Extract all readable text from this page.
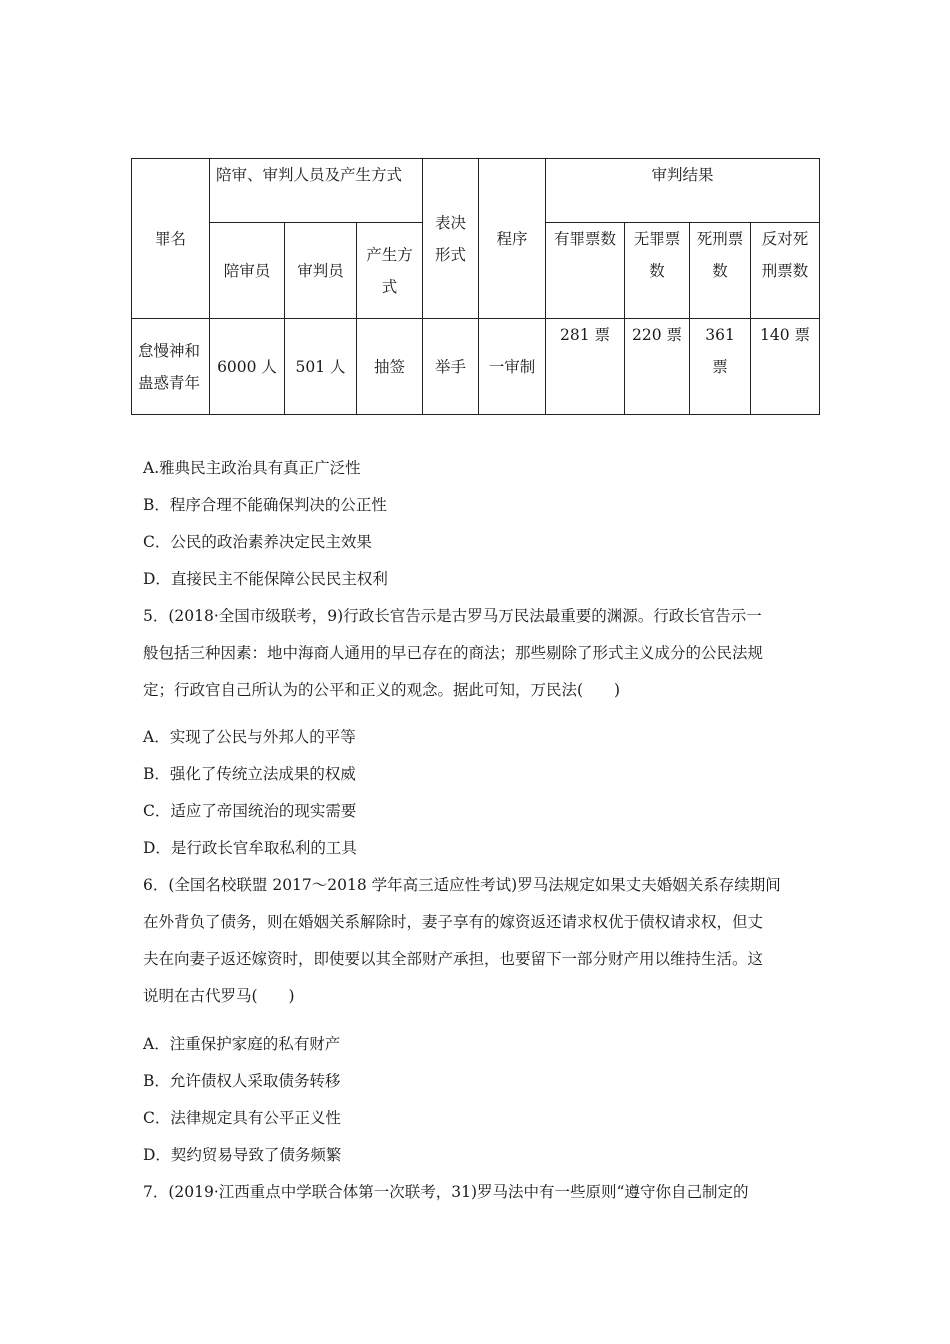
罪名	陪审、审判人员及产生方式			表决形式	程序	审判结果			
	陪审员	审判员	产生方式			有罪票数	无罪票数	死刑票数	反对死刑票数
怠慢神和蛊惑青年	6000 人	501 人	抽签	举手	一审制	281 票	220 票	361 票	140 票
A.雅典民主政治具有真正广泛性
B．程序合理不能确保判决的公正性
C．公民的政治素养决定民主效果
D．直接民主不能保障公民民主权利
5．(2018·全国市级联考，9)行政长官告示是古罗马万民法最重要的渊源。行政长官告示一
般包括三种因素：地中海商人通用的早已存在的商法；那些剔除了形式主义成分的公民法规
定；行政官自己所认为的公平和正义的观念。据此可知，万民法(　　)
A．实现了公民与外邦人的平等
B．强化了传统立法成果的权威
C．适应了帝国统治的现实需要
D．是行政长官牟取私利的工具
6．(全国名校联盟 2017～2018 学年高三适应性考试)罗马法规定如果丈夫婚姻关系存续期间
在外背负了债务，则在婚姻关系解除时，妻子享有的嫁资返还请求权优于债权请求权，但丈
夫在向妻子返还嫁资时，即使要以其全部财产承担，也要留下一部分财产用以维持生活。这
说明在古代罗马(　　)
A．注重保护家庭的私有财产
B．允许债权人采取债务转移
C．法律规定具有公平正义性
D．契约贸易导致了债务频繁
7．(2019·江西重点中学联合体第一次联考，31)罗马法中有一些原则“遵守你自己制定的
